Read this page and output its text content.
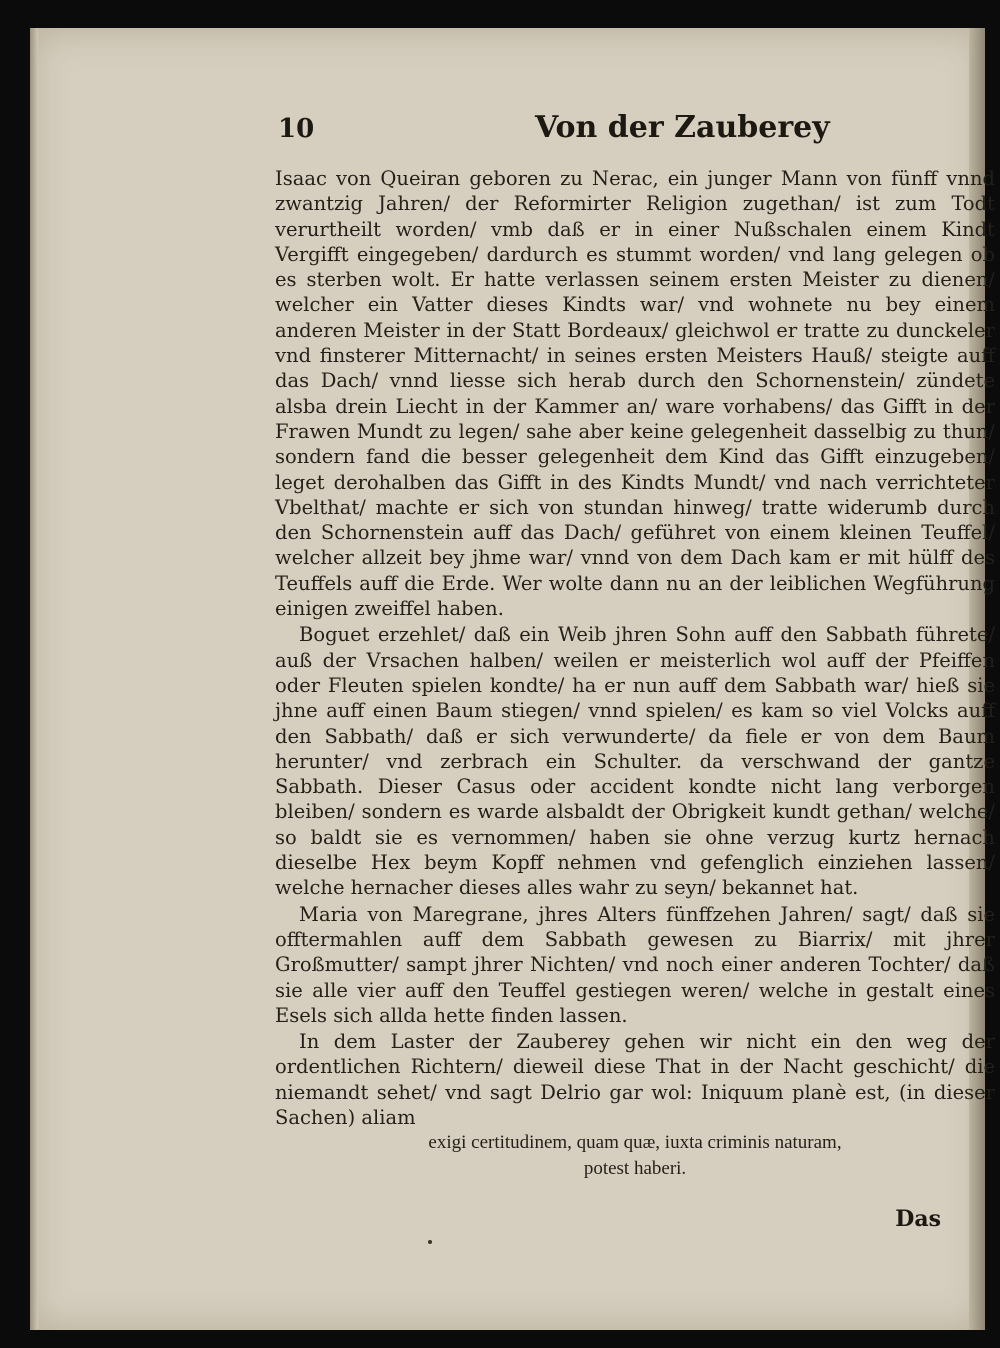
10	Von der Zauberey

Isaac von Queiran geboren zu Nerac, ein junger Mann von fünff vnnd zwantzig Jahren/ der Reformirter Religion zugethan/ ist zum Todt verurtheilt worden/ vmb daß er in einer Nußschalen einem Kindt Vergifft eingegeben/ dardurch es stummt worden/ vnd lang gelegen ob es sterben wolt. Er hatte verlassen seinem ersten Meister zu dienen/ welcher ein Vatter dieses Kindts war/ vnd wohnete nu bey einem anderen Meister in der Statt Bordeaux/ gleichwol er tratte zu dunckeler vnd finsterer Mitternacht/ in seines ersten Meisters Hauß/ steigte auff das Dach/ vnnd liesse sich herab durch den Schornenstein/ zündete alsba drein Liecht in der Kammer an/ ware vorhabens/ das Gifft in der Frawen Mundt zu legen/ sahe aber keine gelegenheit dasselbig zu thun/ sondern fand die besser gelegenheit dem Kind das Gifft einzugeben/ leget derohalben das Gifft in des Kindts Mundt/ vnd nach verrichteter Vbelthat/ machte er sich von stundan hinweg/ tratte widerumb durch den Schornenstein auff das Dach/ geführet von einem kleinen Teuffel/ welcher allzeit bey jhme war/ vnnd von dem Dach kam er mit hülff des Teuffels auff die Erde. Wer wolte dann nu an der leiblichen Wegführung einigen zweiffel haben.

Boguet erzehlet/ daß ein Weib jhren Sohn auff den Sabbath führete/ auß der Vrsachen halben/ weilen er meisterlich wol auff der Pfeiffen oder Fleuten spielen kondte/ ha er nun auff dem Sabbath war/ hieß sie jhne auff einen Baum stiegen/ vnnd spielen/ es kam so viel Volcks auff den Sabbath/ daß er sich verwunderte/ da fiele er von dem Baum herunter/ vnd zerbrach ein Schulter. da verschwand der gantze Sabbath. Dieser Casus oder accident kondte nicht lang verborgen bleiben/ sondern es warde alsbaldt der Obrigkeit kundt gethan/ welche/ so baldt sie es vernommen/ haben sie ohne verzug kurtz hernach dieselbe Hex beym Kopff nehmen vnd gefenglich einziehen lassen/ welche hernacher dieses alles wahr zu seyn/ bekannet hat.

Maria von Maregrane, jhres Alters fünffzehen Jahren/ sagt/ daß sie offtermahlen auff dem Sabbath gewesen zu Biarrix/ mit jhrer Großmutter/ sampt jhrer Nichten/ vnd noch einer anderen Tochter/ daß sie alle vier auff den Teuffel gestiegen weren/ welche in gestalt eines Esels sich allda hette finden lassen.

In dem Laster der Zauberey gehen wir nicht ein den weg der ordentlichen Richtern/ dieweil diese That in der Nacht geschicht/ die niemandt sehet/ vnd sagt Delrio gar wol: Iniquum planè est, (in dieser Sachen) aliam

exigi certitudinem, quam quæ, iuxta criminis naturam,
potest haberi.
Das
